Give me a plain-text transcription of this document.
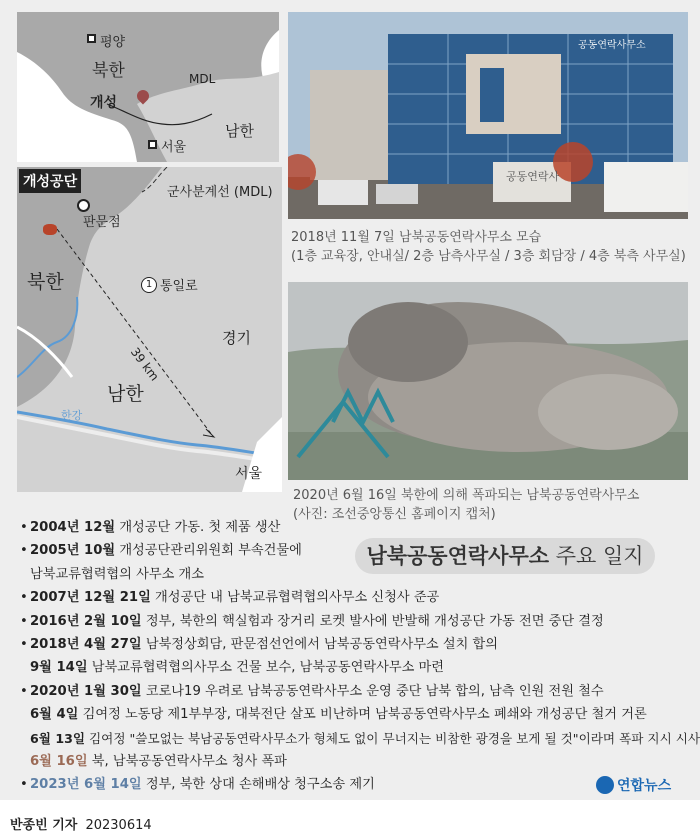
평양
북한	MDL
개성
남한
서울
개성공단
군사분계선 (MDL)
판문점
1 통일로
북한
39 km
경기
남한
한강
서울
공동연락사무소
공동연락사
2018년 11월 7일 남북공동연락사무소 모습
(1층 교육장, 안내실/ 2층 남측사무실 / 3층 회담장 / 4층 북측 사무실)
2020년 6월 16일 북한에 의해 폭파되는 남북공동연락사무소
(사진: 조선중앙통신 홈페이지 캡처)
남북공동연락사무소 주요 일지
• 2004년 12월 개성공단 가동. 첫 제품 생산
• 2005년 10월 개성공단관리위원회 부속건물에
남북교류협력협의 사무소 개소
• 2007년 12월 21일 개성공단 내 남북교류협력협의사무소 신청사 준공
• 2016년 2월 10일 정부, 북한의 핵실험과 장거리 로켓 발사에 반발해 개성공단 가동 전면 중단 결정
• 2018년 4월 27일 남북정상회담, 판문점선언에서 남북공동연락사무소 설치 합의
9월 14일 남북교류협력협의사무소 건물 보수, 남북공동연락사무소 마련
• 2020년 1월 30일 코로나19 우려로 남북공동연락사무소 운영 중단 남북 합의, 남측 인원 전원 철수
6월 4일 김여정 노동당 제1부부장, 대북전단 살포 비난하며 남북공동연락사무소 폐쇄와 개성공단 철거 거론
6월 13일 김여정 "쓸모없는 북남공동연락사무소가 형체도 없이 무너지는 비참한 광경을 보게 될 것"이라며 폭파 지시 시사
6월 16일 북, 남북공동연락사무소 청사 폭파
• 2023년 6월 14일 정부, 북한 상대 손해배상 청구소송 제기	연합뉴스
반종빈 기자 20230614
